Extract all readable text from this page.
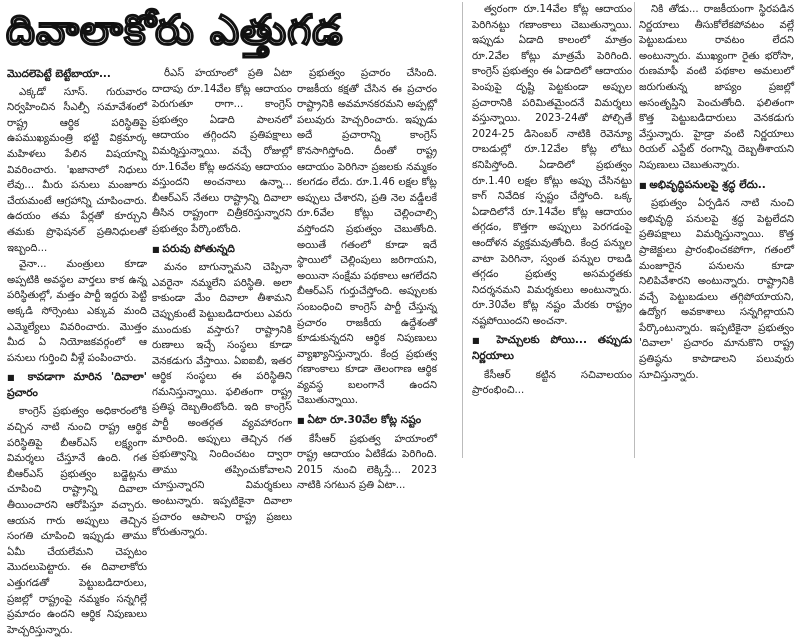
దివాలాకోరు ఎత్తుగడ
మొదలెపెట్టే బెట్టేబాయా...

ఎక్కడో సూస్. గురువారం నిర్వహించిన సీఎల్పీ సమావేశంలో రాష్ట్ర ఆర్థిక పరిస్థితిపై ఉపముఖ్యమంత్రి భట్టి విక్రమార్క మహిళలు పేలిన విషయాన్ని వివరించారు. 'ఖజానాలో నిధులు లేవు... మీరు పనులు మంజూరు చేయమంటే ఆగ్రహాన్ని చూపించారు. ఉదయం తమ పేర్లతో కూర్చుని తమకు ప్రొఫెషనల్ ప్రతినిధులతో ఇబ్బంది...

వైనా... మంత్రులు కూడా అప్పటికి అవస్థల వార్తలు కాక ఉన్న పరిస్థితుల్లో, మత్తం పార్టీ ఇద్దరు పెట్టి అక్కడి సోర్సెంటు ఎక్కువ మంది ఎమ్మెల్యేలు వివరించారు. మొత్తం మీద ఏ నియోజకవర్గంలో ఆ పనులు గుర్తించి వీళ్లే పంపించారు.

■ కావడాగా మారిన 'దివాలా' ప్రచారం

కాంగ్రెస్ ప్రభుత్వం అధికారంలోకి వచ్చిన నాటి నుంచి రాష్ట్ర ఆర్థిక పరిస్థితిపై బీఆర్ఎస్ లక్ష్యంగా విమర్శలు చేస్తూనే ఉంది. గత బీఆర్ఎస్ ప్రభుత్వం బడ్జెట్లను చూపించి రాష్ట్రాన్ని దివాలా తీయించారని ఆరోపిస్తూ వచ్చారు. ఆయన గారు అప్పులు తెచ్చిన సంగతి చూపించి ఇప్పుడు తాము ఏమీ చేయలేమని చెప్పటం మొదలుపెట్టారు. ఈ దివాలాకోరు ఎత్తుగడతో పెట్టుబడిదారులు, ప్రజల్లో రాష్ట్రంపై నమ్మకం సన్నగిల్లే ప్రమాదం ఉందని ఆర్థిక నిపుణులు హెచ్చరిస్తున్నారు.

రీఎస్ హయాంలో ప్రతి ఏటా దాదాపు రూ.14వేల కోట్ల ఆదాయం పెరుగుతూ రాగా... కాంగ్రెస్ ప్రభుత్వం ఏడాది పాలనలో ఆదాయం తగ్గిందని ప్రతిపక్షాలు విమర్శిస్తున్నాయి. వచ్చే రోజుల్లో రూ.16వేల కోట్ల అదనపు ఆదాయం వస్తుందని అంచనాలు ఉన్నా... బీఆర్ఎస్ నేతలు రాష్ట్రాన్ని దివాలా తీసిన రాష్ట్రంగా చిత్రీకరిస్తున్నారని ప్రభుత్వం పేర్కొంటోంది.

■ పరువు పోతున్నది

మనం బాగున్నామని చెప్పినా ఎవరైనా నమ్మలేని పరిస్థితి. అలా కాకుండా మేం దివాలా తీశామని చెప్పుకుంటే పెట్టుబడిదారులు ఎవరు ముందుకు వస్తారు? రాష్ట్రానికి రుణాలు ఇచ్చే సంస్థలు కూడా వెనకడుగు వేస్తాయి. ఏఐఐబీ, ఇతర ఆర్థిక సంస్థలు ఈ పరిస్థితిని గమనిస్తున్నాయి. ఫలితంగా రాష్ట్ర ప్రతిష్ఠ దెబ్బతింటోంది. ఇది కాంగ్రెస్ పార్టీ అంతర్గత వ్యవహారంగా మారింది. అప్పులు తెచ్చిన గత ప్రభుత్వాన్ని నిందించటం ద్వారా తాము తప్పించుకోవాలని చూస్తున్నారని విమర్శకులు అంటున్నారు. ఇప్పటికైనా దివాలా ప్రచారం ఆపాలని రాష్ట్ర ప్రజలు కోరుతున్నారు.

ప్రభుత్వం ప్రచారం చేసింది. రాజకీయ కక్షతో చేసిన ఈ ప్రచారం రాష్ట్రానికి అవమానకరమని అప్పట్లో పలువురు హెచ్చరించారు. ఇప్పుడు అదే ప్రచారాన్ని కాంగ్రెస్ కొనసాగిస్తోంది. దీంతో రాష్ట్ర ఆదాయం పెరిగినా ప్రజలకు నమ్మకం కలగడం లేదు. రూ.1.46 లక్షల కోట్ల అప్పులు చేశారని, ప్రతి నెల వడ్డీలకే రూ.6వేల కోట్లు చెల్లించాల్సి వస్తోందని ప్రభుత్వం చెబుతోంది. అయితే గతంలో కూడా ఇదే స్థాయిలో చెల్లింపులు జరిగాయని, అయినా సంక్షేమ పథకాలు ఆగలేదని బీఆర్ఎస్ గుర్తుచేస్తోంది. అప్పులకు సంబంధించి కాంగ్రెస్ పార్టీ చేస్తున్న ప్రచారం రాజకీయ ఉద్దేశంతో కూడుకున్నదని ఆర్థిక నిపుణులు వ్యాఖ్యానిస్తున్నారు. కేంద్ర ప్రభుత్వ గణాంకాలు కూడా తెలంగాణ ఆర్థిక వ్యవస్థ బలంగానే ఉందని చెబుతున్నాయి.

■ ఏటా రూ.30వేల కోట్ల నష్టం

కేసీఆర్ ప్రభుత్వ హయాంలో రాష్ట్ర ఆదాయం ఏటికేడు పెరిగింది. 2015 నుంచి లెక్కిస్తే... 2023 నాటికి సగటున ప్రతి ఏటా...

త్వరంగా రూ.14వేల కోట్ల ఆదాయం పెరిగినట్టు గణాంకాలు చెబుతున్నాయి. ఇప్పుడు ఏడాది కాలంలో మాత్రం రూ.2వేల కోట్లు మాత్రమే పెరిగింది. కాంగ్రెస్ ప్రభుత్వం ఈ ఏడాదిలో ఆదాయం పెంపుపై దృష్టి పెట్టకుండా అప్పుల ప్రచారానికి పరిమితమైందనే విమర్శలు వస్తున్నాయి. 2023-24తో పోల్చితే 2024-25 డిసెంబర్ నాటికి రెవెన్యూ రాబడుల్లో రూ.12వేల కోట్ల లోటు కనిపిస్తోంది. ఏడాదిలో ప్రభుత్వం రూ.1.40 లక్షల కోట్లు అప్పు చేసినట్టు కాగ్ నివేదిక స్పష్టం చేస్తోంది. ఒక్క ఏడాదిలోనే రూ.14వేల కోట్ల ఆదాయం తగ్గడం, కొత్తగా అప్పులు పెరగడంపై ఆందోళన వ్యక్తమవుతోంది. కేంద్ర పన్నుల వాటా పెరిగినా, స్వంత పన్నుల రాబడి తగ్గడం ప్రభుత్వ అసమర్థతకు నిదర్శనమని విమర్శకులు అంటున్నారు. రూ.30వేల కోట్ల నష్టం మేరకు రాష్ట్రం నష్టపోయిందని అంచనా.

■ హెచ్చులకు పోయి... తప్పుడు నిర్ణయాలు

కేసీఆర్ కట్టిన సచివాలయం ప్రారంభించి...

నికి తోడు... రాజకీయంగా స్థిరపడిన నిర్ణయాలు తీసుకోలేకపోవటం వల్లే పెట్టుబడులు రావటం లేదని అంటున్నారు. ముఖ్యంగా రైతు భరోసా, రుణమాఫీ వంటి పథకాల అమలులో జరుగుతున్న జాప్యం ప్రజల్లో అసంతృప్తిని పెంచుతోంది. ఫలితంగా కొత్త పెట్టుబడిదారులు వెనకడుగు వేస్తున్నారు. హైడ్రా వంటి నిర్ణయాలు రియల్ ఎస్టేట్ రంగాన్ని దెబ్బతీశాయని నిపుణులు చెబుతున్నారు.

■ అభివృద్ధిపనులపై శ్రద్ధ లేదు..

ప్రభుత్వం ఏర్పడిన నాటి నుంచి అభివృద్ధి పనులపై శ్రద్ధ పెట్టలేదని ప్రతిపక్షాలు విమర్శిస్తున్నాయి. కొత్త ప్రాజెక్టులు ప్రారంభించకపోగా, గతంలో మంజూరైన పనులను కూడా నిలిపివేశారని అంటున్నారు. రాష్ట్రానికి వచ్చే పెట్టుబడులు తగ్గిపోయాయని, ఉద్యోగ అవకాశాలు సన్నగిల్లాయని పేర్కొంటున్నారు. ఇప్పటికైనా ప్రభుత్వం 'దివాలా' ప్రచారం మానుకొని రాష్ట్ర ప్రతిష్ఠను కాపాడాలని పలువురు సూచిస్తున్నారు.
